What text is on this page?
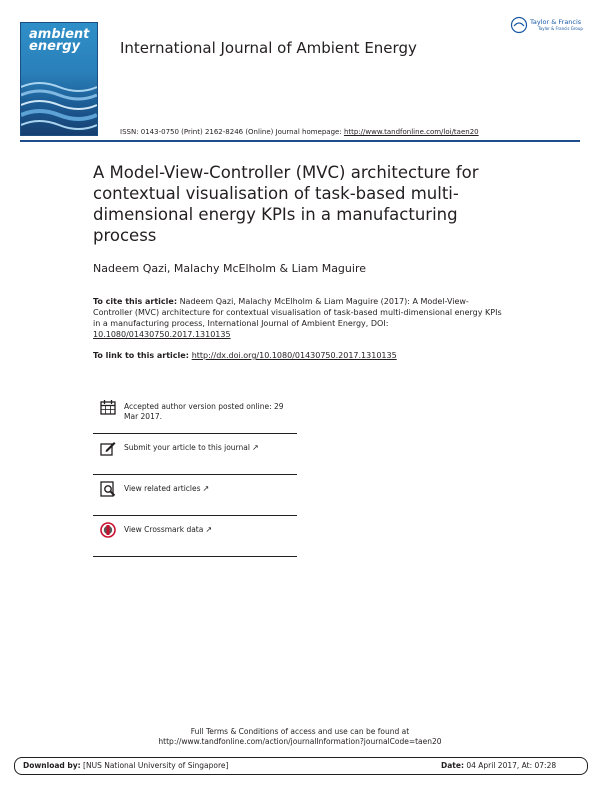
ambient
energy	International Journal of Ambient Energy
Taylor & Francis
Taylor & Francis Group
ISSN: 0143-0750 (Print) 2162-8246 (Online) Journal homepage: http://www.tandfonline.com/loi/taen20
A Model-View-Controller (MVC) architecture for contextual visualisation of task-based multi-dimensional energy KPIs in a manufacturing process
Nadeem Qazi, Malachy McElholm & Liam Maguire
To cite this article: Nadeem Qazi, Malachy McElholm & Liam Maguire (2017): A Model-View-Controller (MVC) architecture for contextual visualisation of task-based multi-dimensional energy KPIs in a manufacturing process, International Journal of Ambient Energy, DOI: 10.1080/01430750.2017.1310135
To link to this article: http://dx.doi.org/10.1080/01430750.2017.1310135
Accepted author version posted online: 29 Mar 2017.
Submit your article to this journal ↗
View related articles ↗
View Crossmark data ↗
Full Terms & Conditions of access and use can be found at
http://www.tandfonline.com/action/journalInformation?journalCode=taen20
Download by: [NUS National University of Singapore]	Date: 04 April 2017, At: 07:28
